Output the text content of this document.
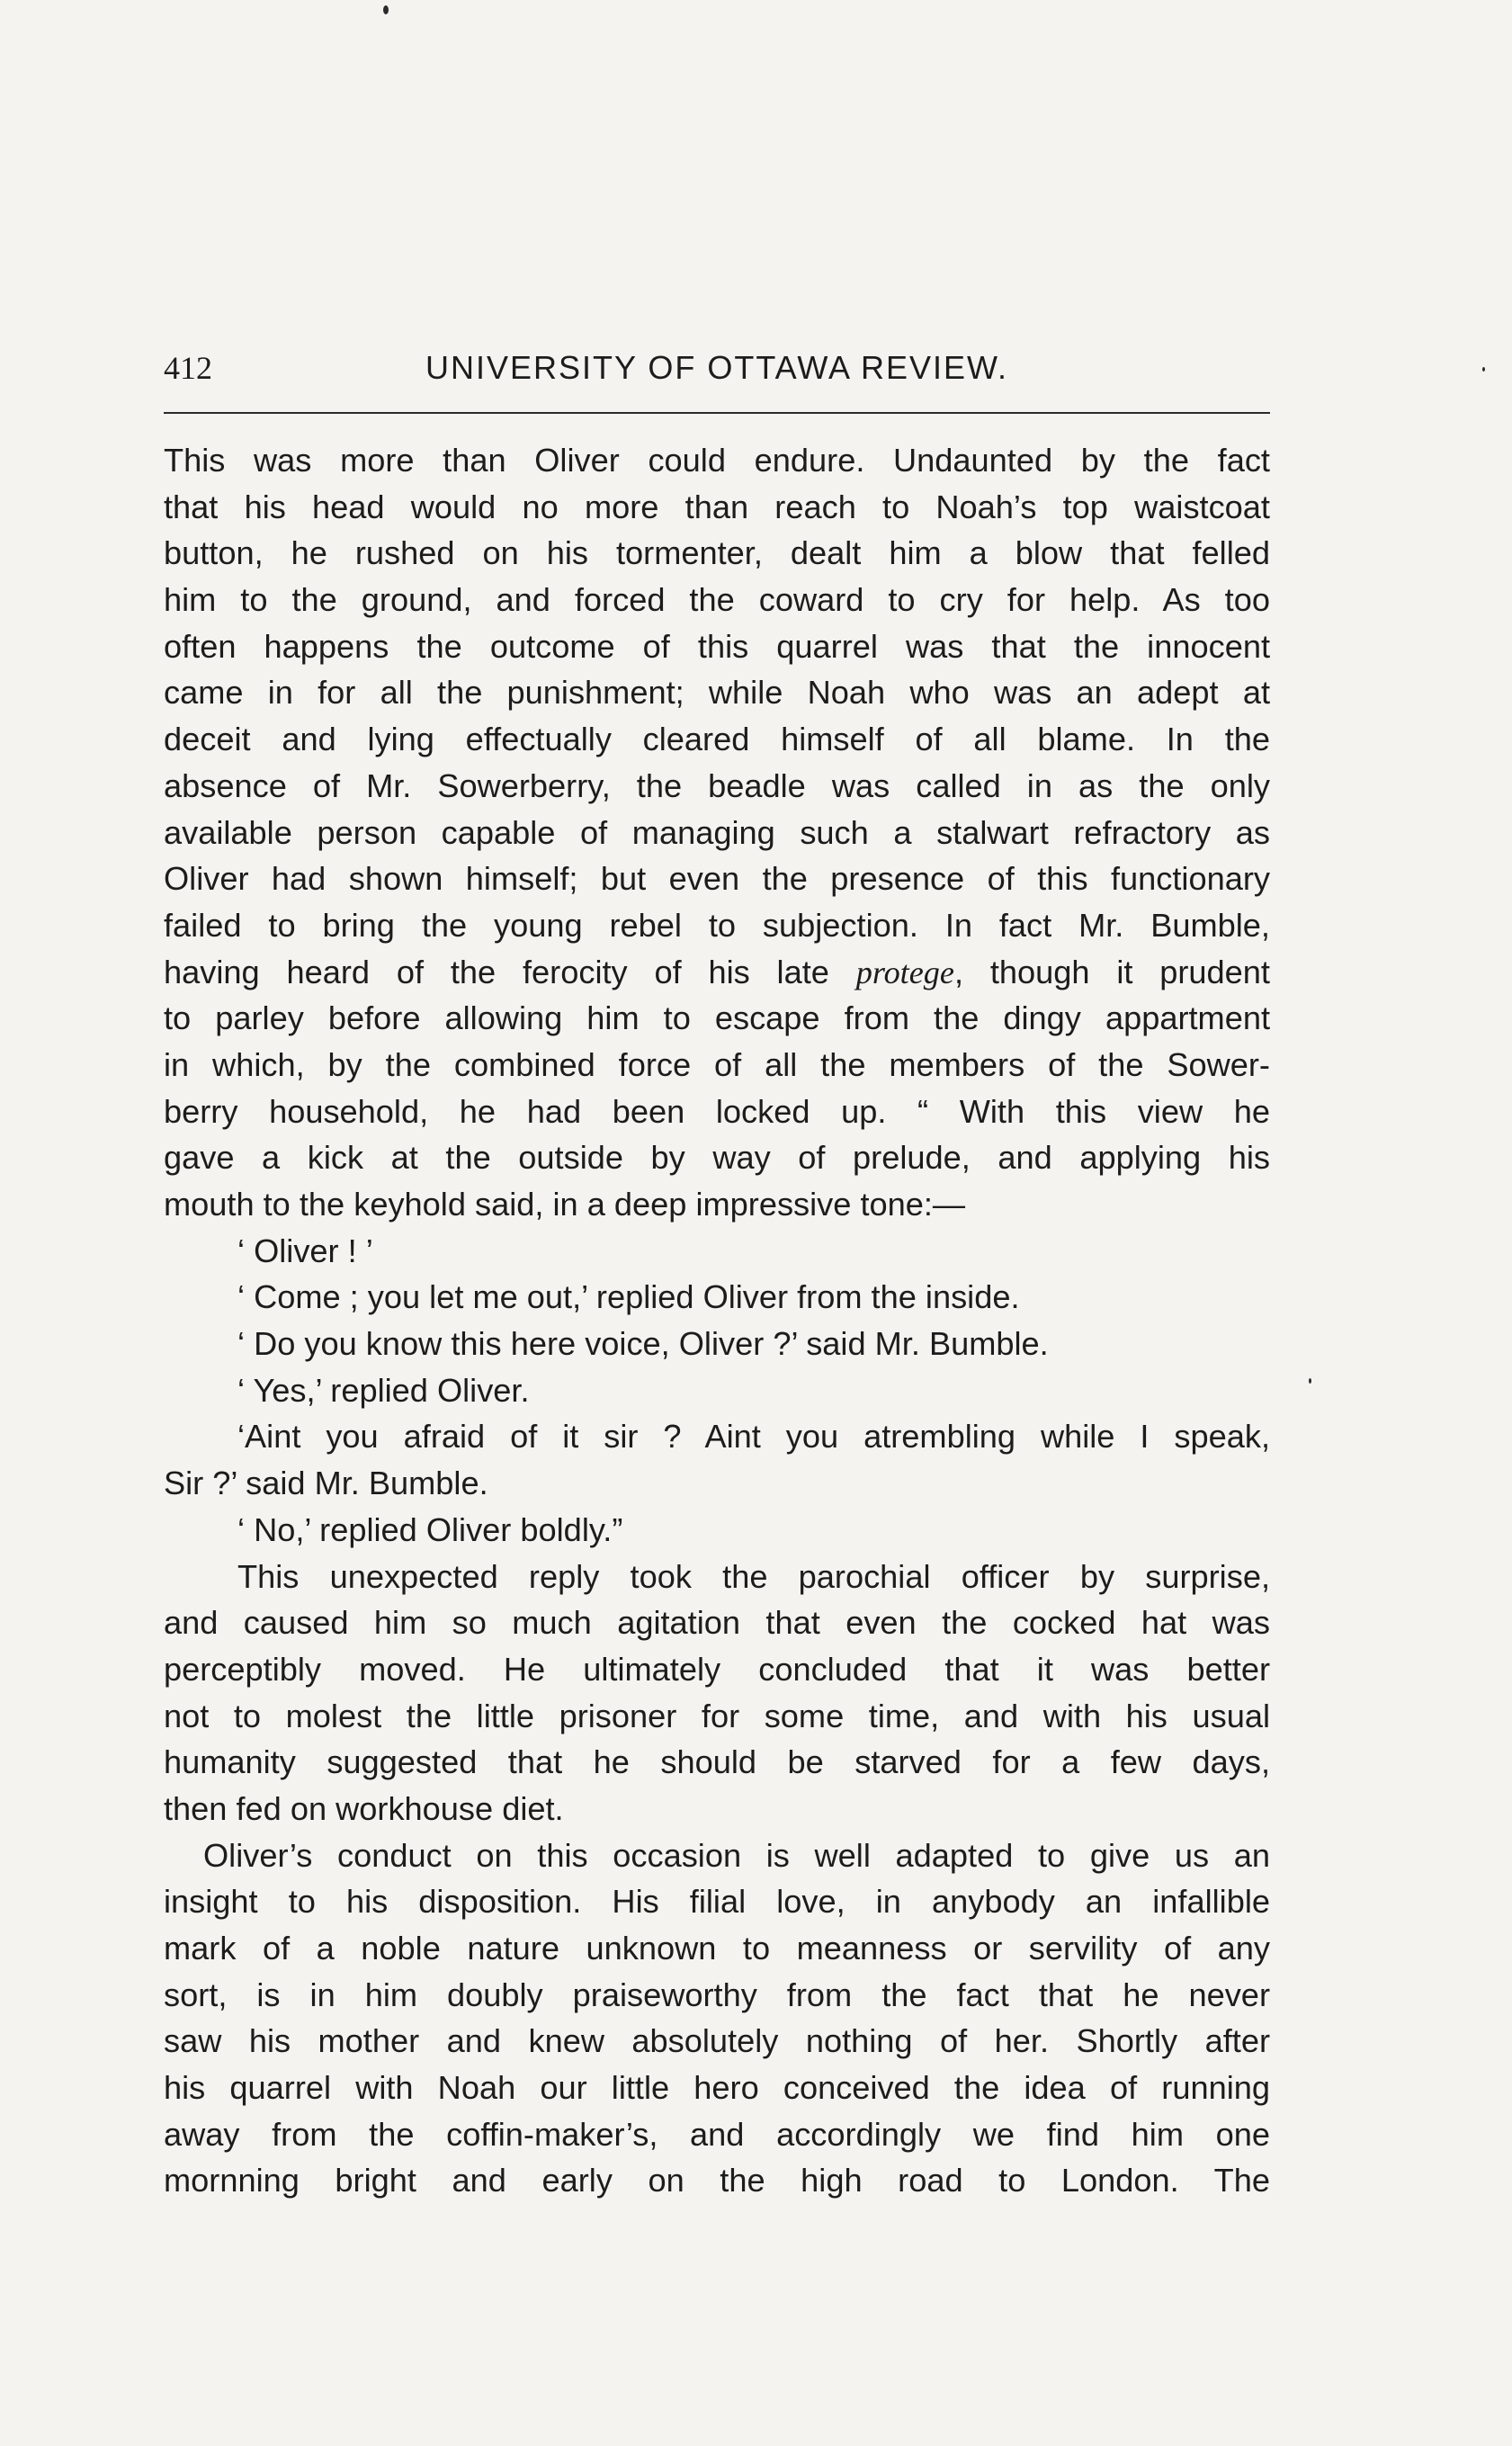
412	UNIVERSITY OF OTTAWA REVIEW.
This was more than Oliver could endure. Undaunted by the fact
that his head would no more than reach to Noah’s top waistcoat
button, he rushed on his tormenter, dealt him a blow that felled
him to the ground, and forced the coward to cry for help. As too
often happens the outcome of this quarrel was that the innocent
came in for all the punishment; while Noah who was an adept at
deceit and lying effectually cleared himself of all blame. In the
absence of Mr. Sowerberry, the beadle was called in as the only
available person capable of managing such a stalwart refractory as
Oliver had shown himself; but even the presence of this functionary
failed to bring the young rebel to subjection. In fact Mr. Bumble,
having heard of the ferocity of his late protege, though it prudent
to parley before allowing him to escape from the dingy appartment
in which, by the combined force of all the members of the Sower-
berry household, he had been locked up. “ With this view he
gave a kick at the outside by way of prelude, and applying his
mouth to the keyhold said, in a deep impressive tone:—
‘ Oliver ! ’
‘ Come ; you let me out,’ replied Oliver from the inside.
‘ Do you know this here voice, Oliver ?’ said Mr. Bumble.
‘ Yes,’ replied Oliver.
‘Aint you afraid of it sir ? Aint you atrembling while I speak,
Sir ?’ said Mr. Bumble.
‘ No,’ replied Oliver boldly.”
This unexpected reply took the parochial officer by surprise,
and caused him so much agitation that even the cocked hat was
perceptibly moved. He ultimately concluded that it was better
not to molest the little prisoner for some time, and with his usual
humanity suggested that he should be starved for a few days,
then fed on workhouse diet.
Oliver’s conduct on this occasion is well adapted to give us an
insight to his disposition. His filial love, in anybody an infallible
mark of a noble nature unknown to meanness or servility of any
sort, is in him doubly praiseworthy from the fact that he never
saw his mother and knew absolutely nothing of her. Shortly after
his quarrel with Noah our little hero conceived the idea of running
away from the coffin-maker’s, and accordingly we find him one
mornning bright and early on the high road to London. The
